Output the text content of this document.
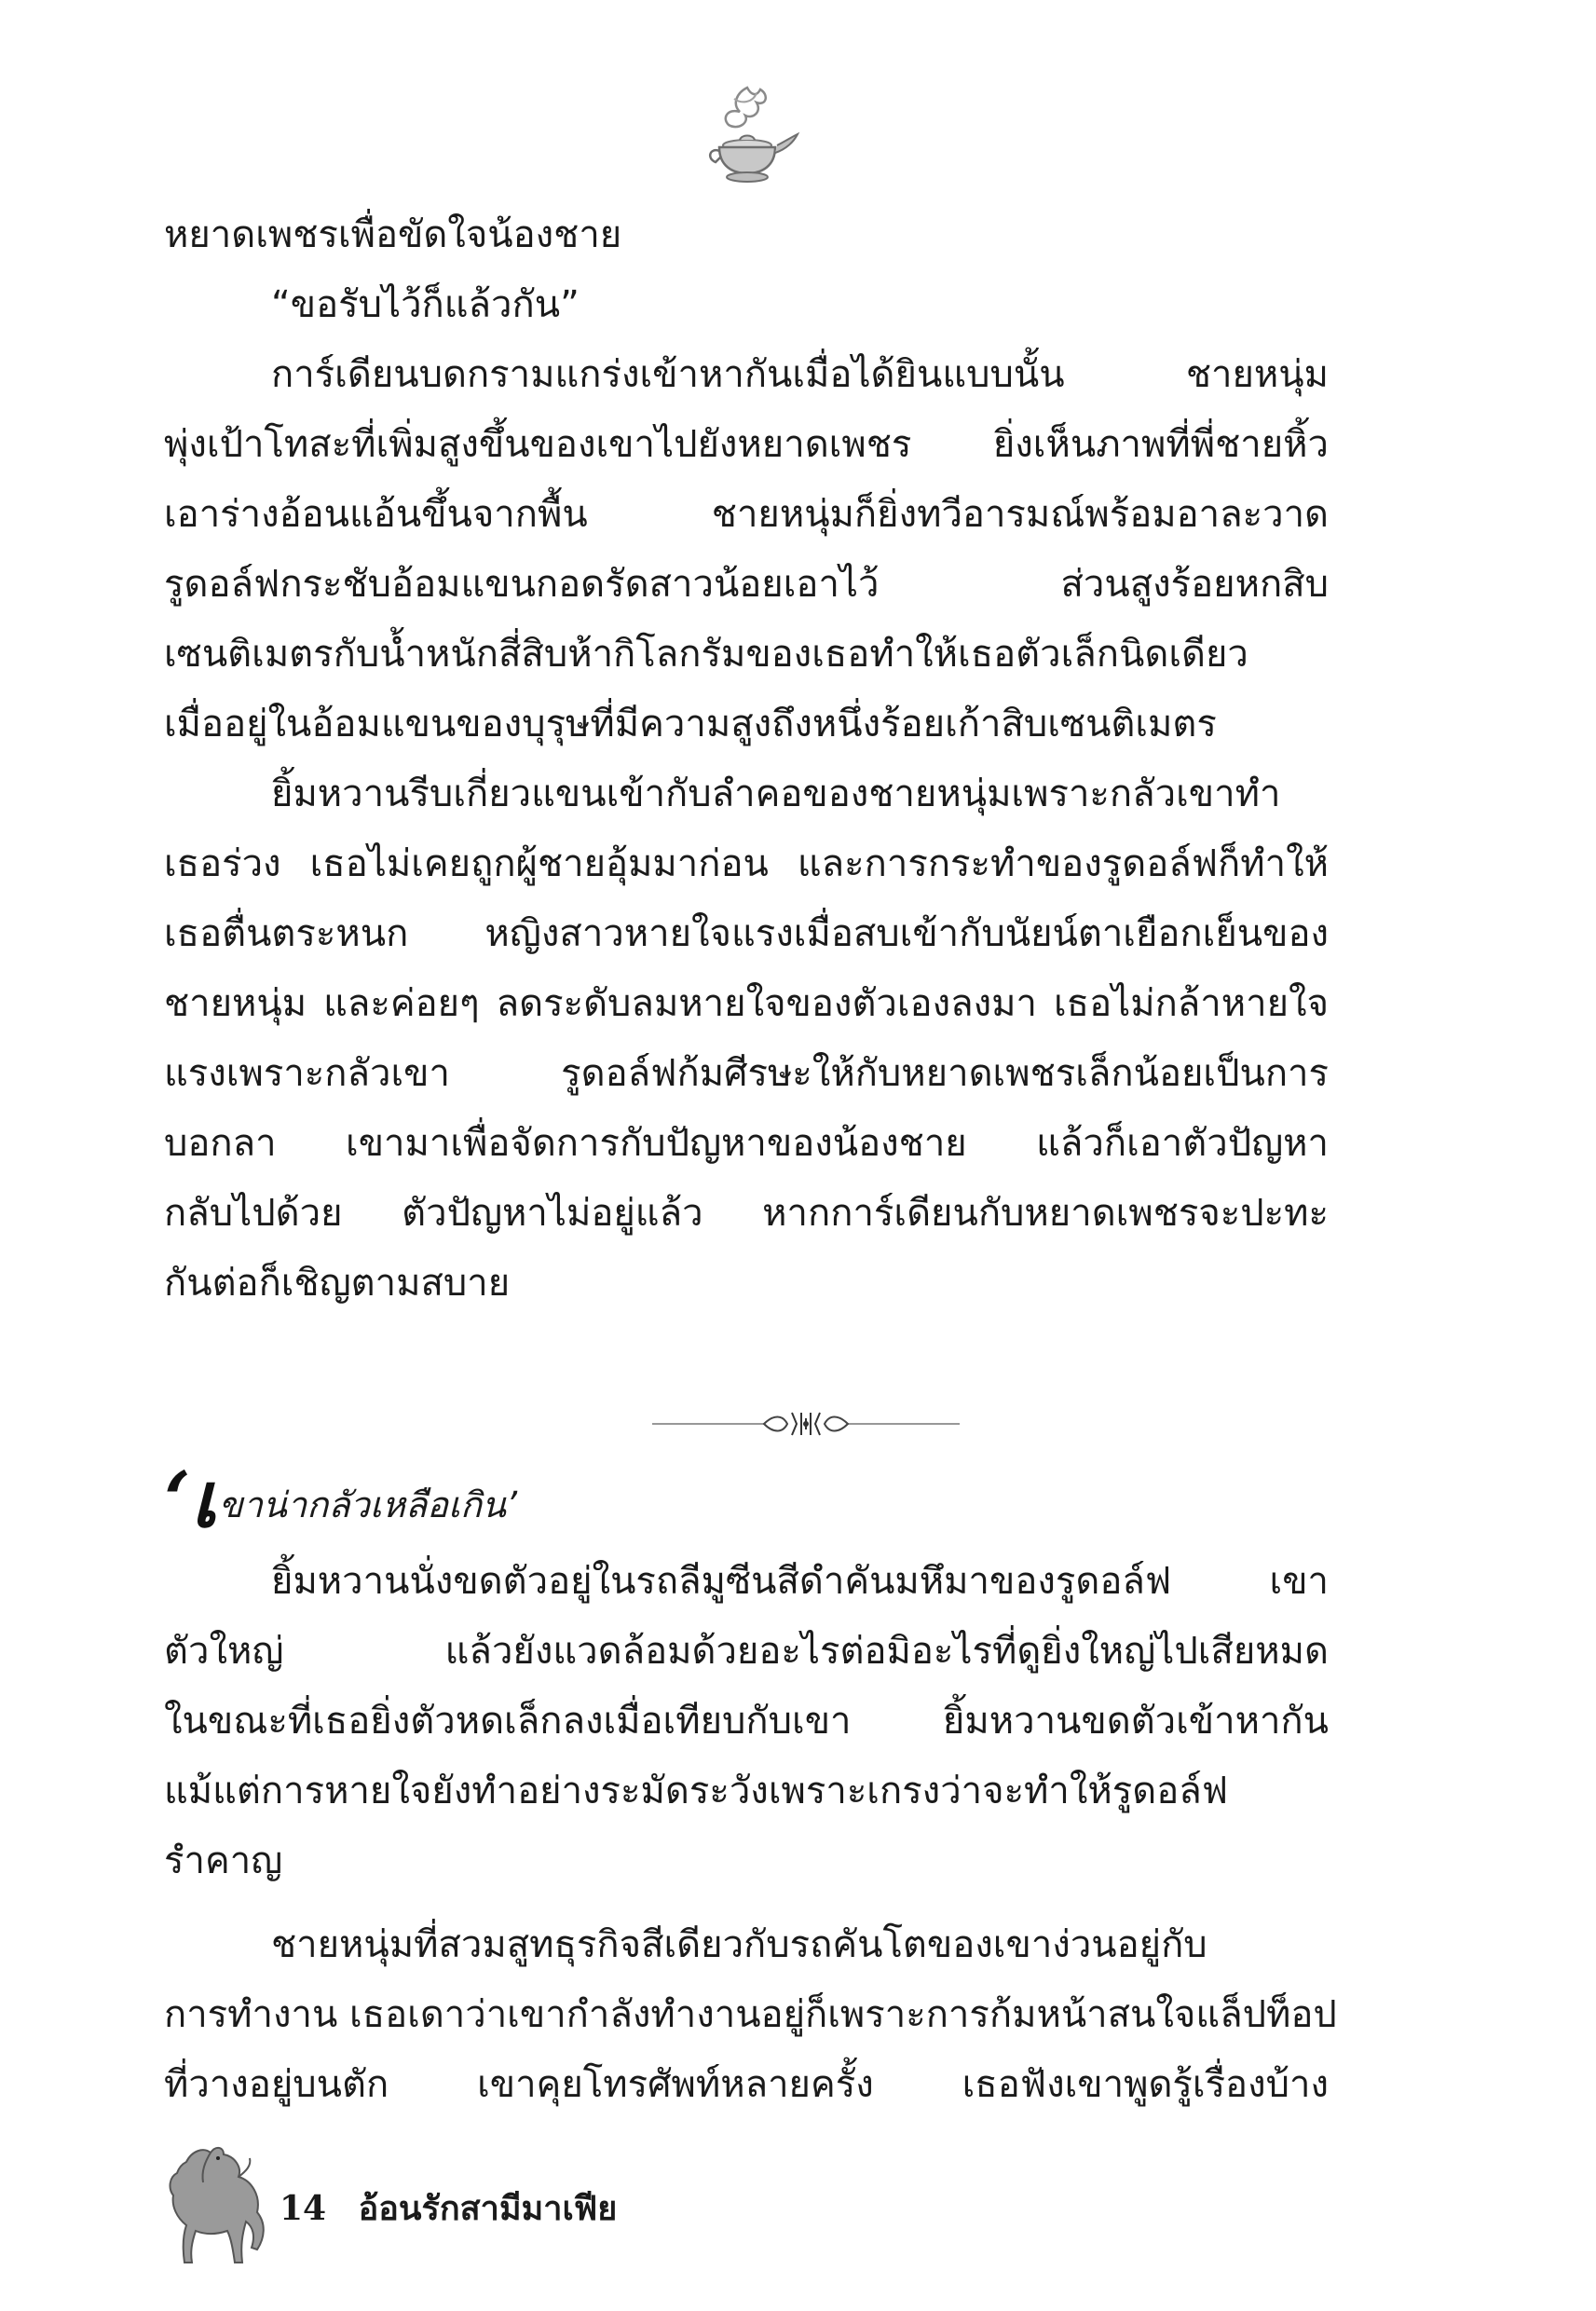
หยาดเพชรเพื่อขัดใจน้องชาย
“ขอรับไว้ก็แล้วกัน”
การ์เดียนบดกรามแกร่งเข้าหากันเมื่อได้ยินแบบนั้น ชายหนุ่ม
พุ่งเป้าโทสะที่เพิ่มสูงขึ้นของเขาไปยังหยาดเพชร ยิ่งเห็นภาพที่พี่ชายหิ้ว
เอาร่างอ้อนแอ้นขึ้นจากพื้น ชายหนุ่มก็ยิ่งทวีอารมณ์พร้อมอาละวาด
รูดอล์ฟกระชับอ้อมแขนกอดรัดสาวน้อยเอาไว้ ส่วนสูงร้อยหกสิบ
เซนติเมตรกับน้ำหนักสี่สิบห้ากิโลกรัมของเธอทำให้เธอตัวเล็กนิดเดียว
เมื่ออยู่ในอ้อมแขนของบุรุษที่มีความสูงถึงหนึ่งร้อยเก้าสิบเซนติเมตร
ยิ้มหวานรีบเกี่ยวแขนเข้ากับลำคอของชายหนุ่มเพราะกลัวเขาทำ
เธอร่วง เธอไม่เคยถูกผู้ชายอุ้มมาก่อน และการกระทำของรูดอล์ฟก็ทำให้
เธอตื่นตระหนก หญิงสาวหายใจแรงเมื่อสบเข้ากับนัยน์ตาเยือกเย็นของ
ชายหนุ่ม และค่อยๆ ลดระดับลมหายใจของตัวเองลงมา เธอไม่กล้าหายใจ
แรงเพราะกลัวเขา รูดอล์ฟก้มศีรษะให้กับหยาดเพชรเล็กน้อยเป็นการ
บอกลา เขามาเพื่อจัดการกับปัญหาของน้องชาย แล้วก็เอาตัวปัญหา
กลับไปด้วย ตัวปัญหาไม่อยู่แล้ว หากการ์เดียนกับหยาดเพชรจะปะทะ
กันต่อก็เชิญตามสบาย
‘ เ ขาน่ากลัวเหลือเกิน’
ยิ้มหวานนั่งขดตัวอยู่ในรถลีมูซีนสีดำคันมหึมาของรูดอล์ฟ เขา
ตัวใหญ่ แล้วยังแวดล้อมด้วยอะไรต่อมิอะไรที่ดูยิ่งใหญ่ไปเสียหมด
ในขณะที่เธอยิ่งตัวหดเล็กลงเมื่อเทียบกับเขา ยิ้มหวานขดตัวเข้าหากัน
แม้แต่การหายใจยังทำอย่างระมัดระวังเพราะเกรงว่าจะทำให้รูดอล์ฟ
รำคาญ
ชายหนุ่มที่สวมสูทธุรกิจสีเดียวกับรถคันโตของเขาง่วนอยู่กับ
การทำงาน เธอเดาว่าเขากำลังทำงานอยู่ก็เพราะการก้มหน้าสนใจแล็ปท็อป
ที่วางอยู่บนตัก เขาคุยโทรศัพท์หลายครั้ง เธอฟังเขาพูดรู้เรื่องบ้าง
14 อ้อนรักสามีมาเฟีย
